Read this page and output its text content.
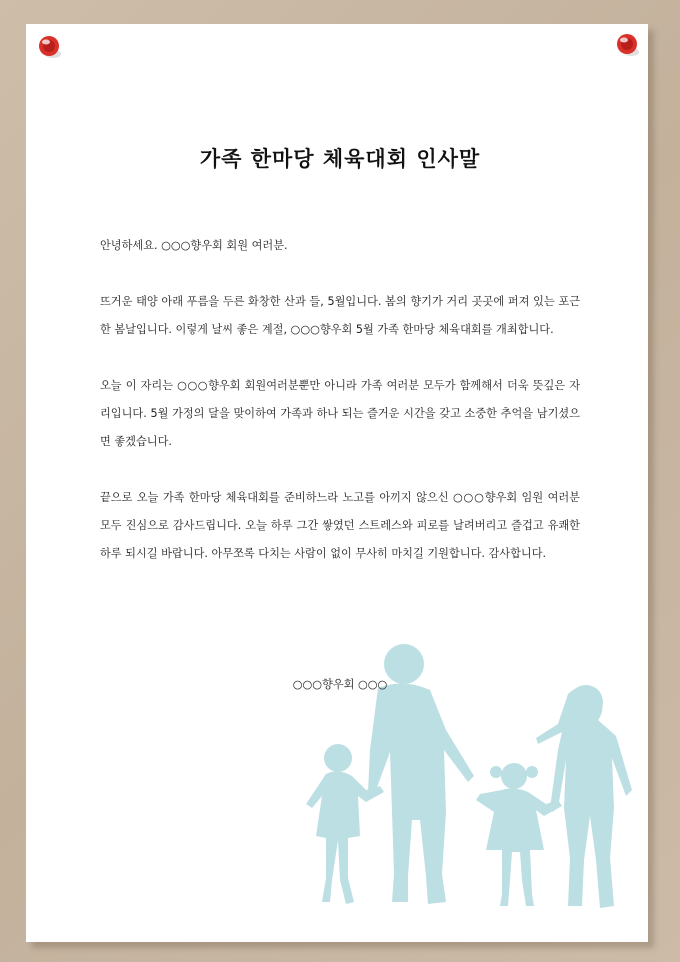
가족 한마당 체육대회 인사말

안녕하세요. ○○○향우회 회원 여러분.

뜨거운 태양 아래 푸름을 두른 화창한 산과 들, 5월입니다. 봄의 향기가 거리 곳곳에 퍼져 있는 포근한 봄날입니다. 이렇게 날씨 좋은 계절, ○○○향우회 5월 가족 한마당 체육대회를 개최합니다.

오늘 이 자리는 ○○○향우회 회원여러분뿐만 아니라 가족 여러분 모두가 함께해서 더욱 뜻깊은 자리입니다. 5월 가정의 달을 맞이하여 가족과 하나 되는 즐거운 시간을 갖고 소중한 추억을 남기셨으면 좋겠습니다.

끝으로 오늘 가족 한마당 체육대회를 준비하느라 노고를 아끼지 않으신 ○○○향우회 임원 여러분 모두 진심으로 감사드립니다. 오늘 하루 그간 쌓였던 스트레스와 피로를 날려버리고 즐겁고 유쾌한 하루 되시길 바랍니다. 아무쪼록 다치는 사람이 없이 무사히 마치길 기원합니다. 감사합니다.

○○○향우회 ○○○
